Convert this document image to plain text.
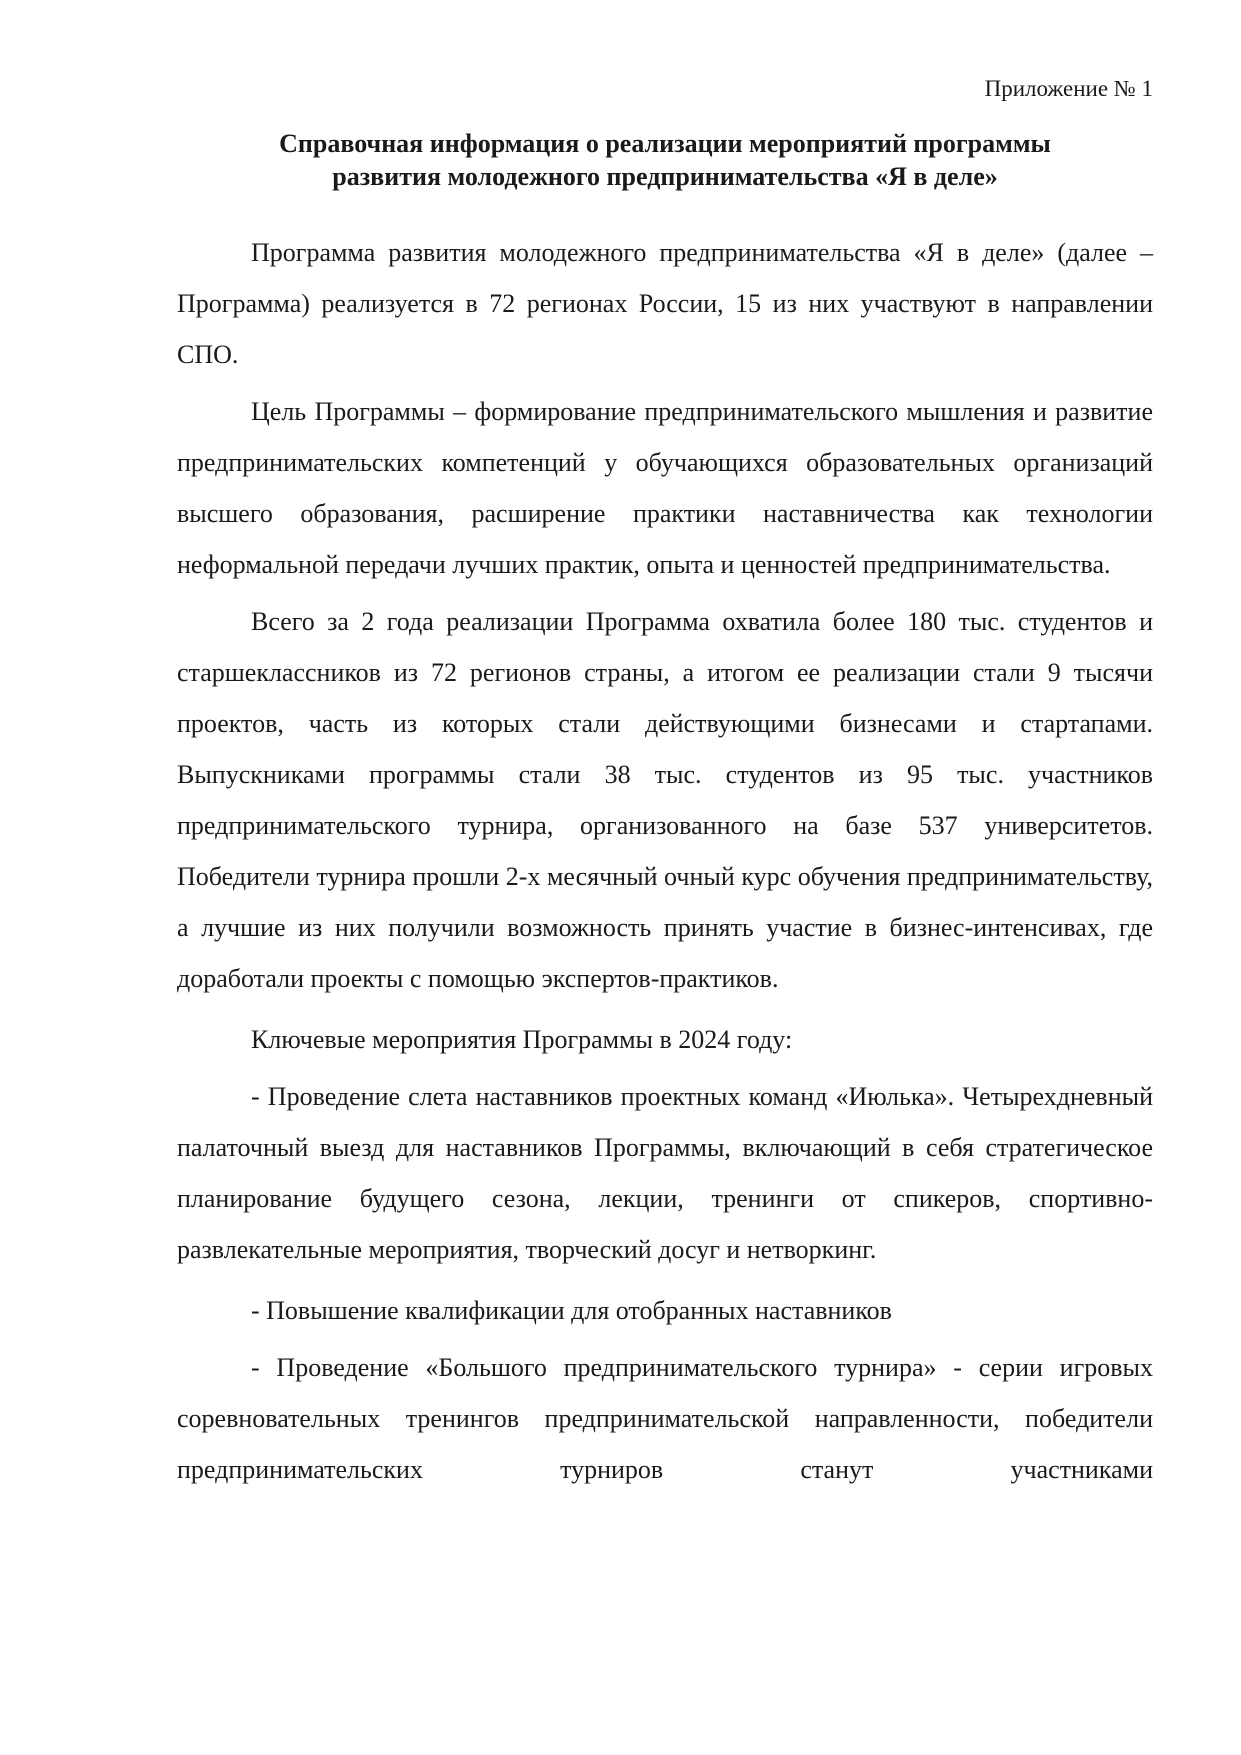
Приложение № 1
Справочная информация о реализации мероприятий программы
развития молодежного предпринимательства «Я в деле»

Программа развития молодежного предпринимательства «Я в деле» (далее – Программа) реализуется в 72 регионах России, 15 из них участвуют в направлении СПО.

Цель Программы – формирование предпринимательского мышления и развитие предпринимательских компетенций у обучающихся образовательных организаций высшего образования, расширение практики наставничества как технологии неформальной передачи лучших практик, опыта и ценностей предпринимательства.

Всего за 2 года реализации Программа охватила более 180 тыс. студентов и старшеклассников из 72 регионов страны, а итогом ее реализации стали 9 тысячи проектов, часть из которых стали действующими бизнесами и стартапами. Выпускниками программы стали 38 тыс. студентов из 95 тыс. участников предпринимательского турнира, организованного на базе 537 университетов. Победители турнира прошли 2-х месячный очный курс обучения предпринимательству, а лучшие из них получили возможность принять участие в бизнес-интенсивах, где доработали проекты с помощью экспертов-практиков.

Ключевые мероприятия Программы в 2024 году:

- Проведение слета наставников проектных команд «Июлька». Четырехдневный палаточный выезд для наставников Программы, включающий в себя стратегическое планирование будущего сезона, лекции, тренинги от спикеров, спортивно-развлекательные мероприятия, творческий досуг и нетворкинг.

- Повышение квалификации для отобранных наставников

- Проведение «Большого предпринимательского турнира» - серии игровых соревновательных тренингов предпринимательской направленности, победители предпринимательских турниров станут участниками
